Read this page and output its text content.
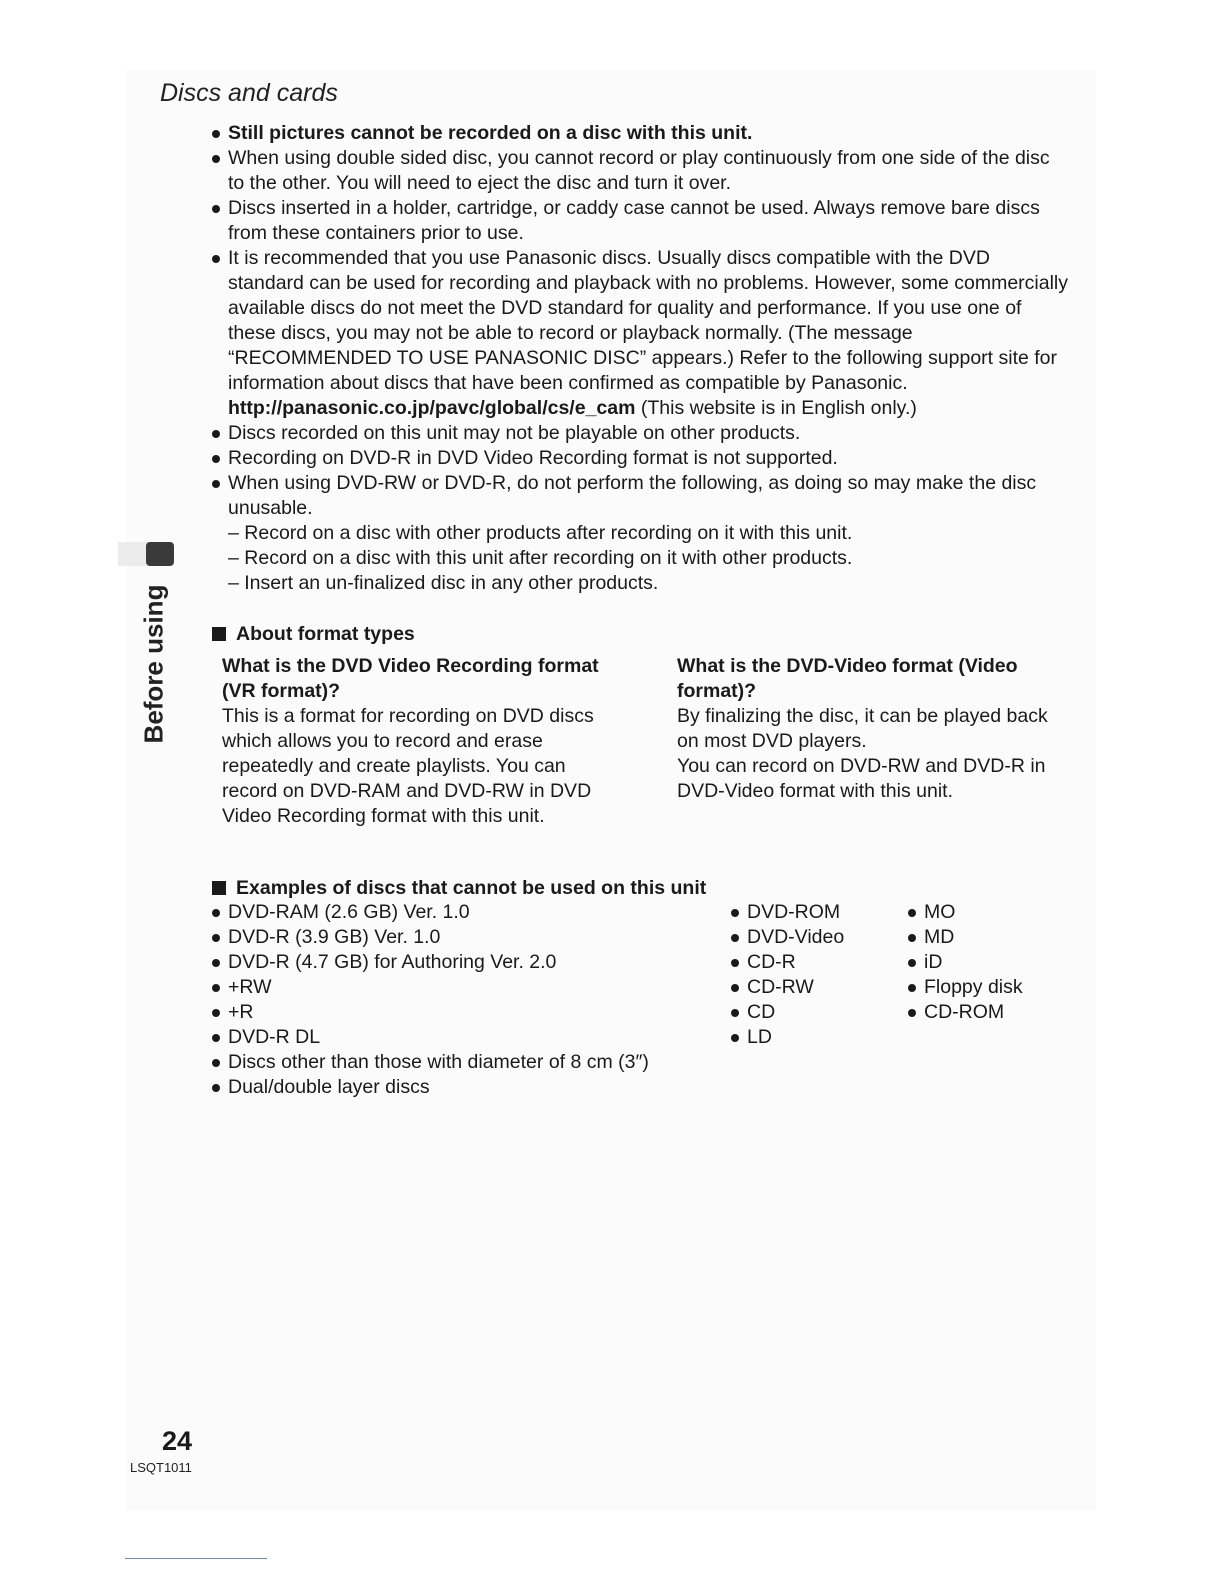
Discs and cards
Still pictures cannot be recorded on a disc with this unit.
When using double sided disc, you cannot record or play continuously from one side of the disc
to the other. You will need to eject the disc and turn it over.
Discs inserted in a holder, cartridge, or caddy case cannot be used. Always remove bare discs
from these containers prior to use.
It is recommended that you use Panasonic discs. Usually discs compatible with the DVD
standard can be used for recording and playback with no problems. However, some commercially
available discs do not meet the DVD standard for quality and performance. If you use one of
these discs, you may not be able to record or playback normally. (The message
“RECOMMENDED TO USE PANASONIC DISC” appears.) Refer to the following support site for
information about discs that have been confirmed as compatible by Panasonic.
http://panasonic.co.jp/pavc/global/cs/e_cam (This website is in English only.)
Discs recorded on this unit may not be playable on other products.
Recording on DVD-R in DVD Video Recording format is not supported.
When using DVD-RW or DVD-R, do not perform the following, as doing so may make the disc
unusable.
– Record on a disc with other products after recording on it with this unit.
– Record on a disc with this unit after recording on it with other products.
– Insert an un-finalized disc in any other products.
Before using	About format types

What is the DVD Video Recording format
(VR format)?

This is a format for recording on DVD discs
which allows you to record and erase
repeatedly and create playlists. You can
record on DVD-RAM and DVD-RW in DVD
Video Recording format with this unit.

What is the DVD-Video format (Video
format)?

By finalizing the disc, it can be played back
on most DVD players.
You can record on DVD-RW and DVD-R in
DVD-Video format with this unit.

Examples of discs that cannot be used on this unit
DVD-RAM (2.6 GB) Ver. 1.0
DVD-R (3.9 GB) Ver. 1.0
DVD-R (4.7 GB) for Authoring Ver. 2.0
+RW
+R
DVD-R DL
Discs other than those with diameter of 8 cm (3″)
Dual/double layer discs
DVD-ROM
DVD-Video
CD-R
CD-RW
CD
LD
MO
MD
iD
Floppy disk
CD-ROM
24
LSQT1011
